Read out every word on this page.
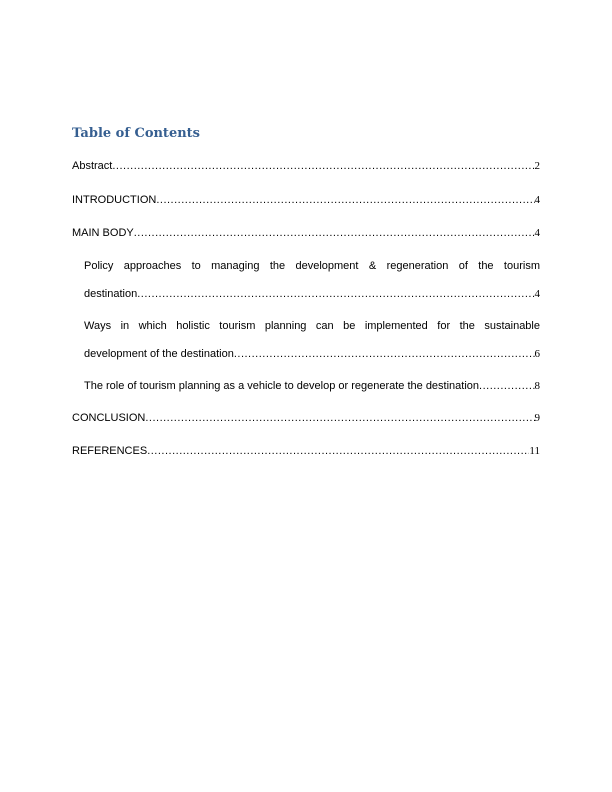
Table of Contents
Abstract .....	2
INTRODUCTION .....	4
MAIN BODY .....	4
Policy approaches to managing the development & regeneration of the tourism
destination .....	4
Ways in which holistic tourism planning can be implemented for the sustainable
development of the destination .....	6
The role of tourism planning as a vehicle to develop or regenerate the destination .....	8
CONCLUSION .....	9
REFERENCES .....	11
